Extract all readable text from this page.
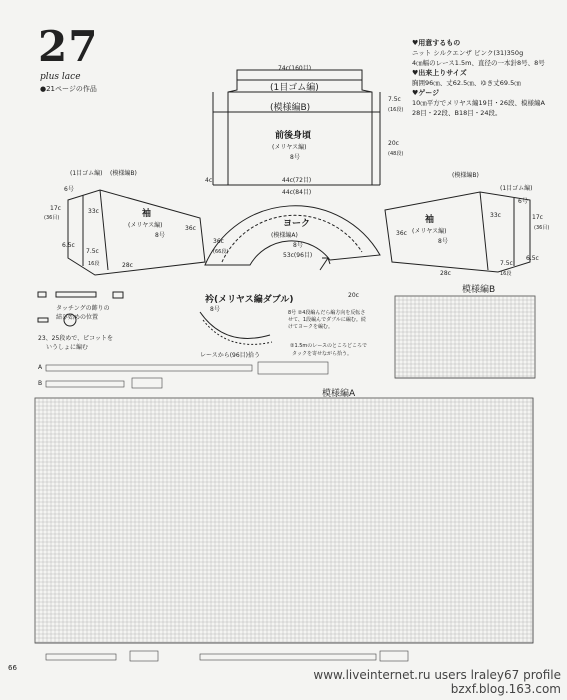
27
plus lace
●21ページの作品
♥用意するもの
ニット シルクエンザ ピンク(31)350g
4㎝幅のレース1.5m、直径の一本針8号、8号
♥出来上りサイズ
胸囲96㎝、丈62.5㎝、ゆき丈69.5㎝
♥ゲージ
10㎝平方でメリヤス編19目・26段、模様編A
28目・22段、B18目・24段。
74c(160目)
(1目ゴム編)
(模様編B)
前後身頃
(メリヤス編)
8号
44c(72目)
44c(84目)
20c
7.5c
4c
(16段)
(48段)
ヨーク
(模様編A)
8号
53c(96目)
36c
(66段)
20c
(1目ゴム編) (模様編B)
袖
(メリヤス編)
8号
6号
17c	33c
36c
(36目)
6.5c
7.5c
16段	28c
(1目ゴム編)
(模様編B)
袖
(メリヤス編)
8号
6号
17c
33c
36c
(36目)
6.5c
7.5c
16段
28c
衿(メリヤス編ダブル)
8号	8号 ②4段編んだら編方向を反転させて、1段編んでダブルに編む。続けてヨークを編む。
レースから(96目)拾う
②1.5mのレースのところどころで
タックを寄せながら拾う。
タッチングの飾りの
結び始めの位置
23、25段めで、ピコットを
いうしょに編む
模様編B
模様編A
A
B
66	www.liveinternet.ru users lraley67 profile
bzxf.blog.163.com
